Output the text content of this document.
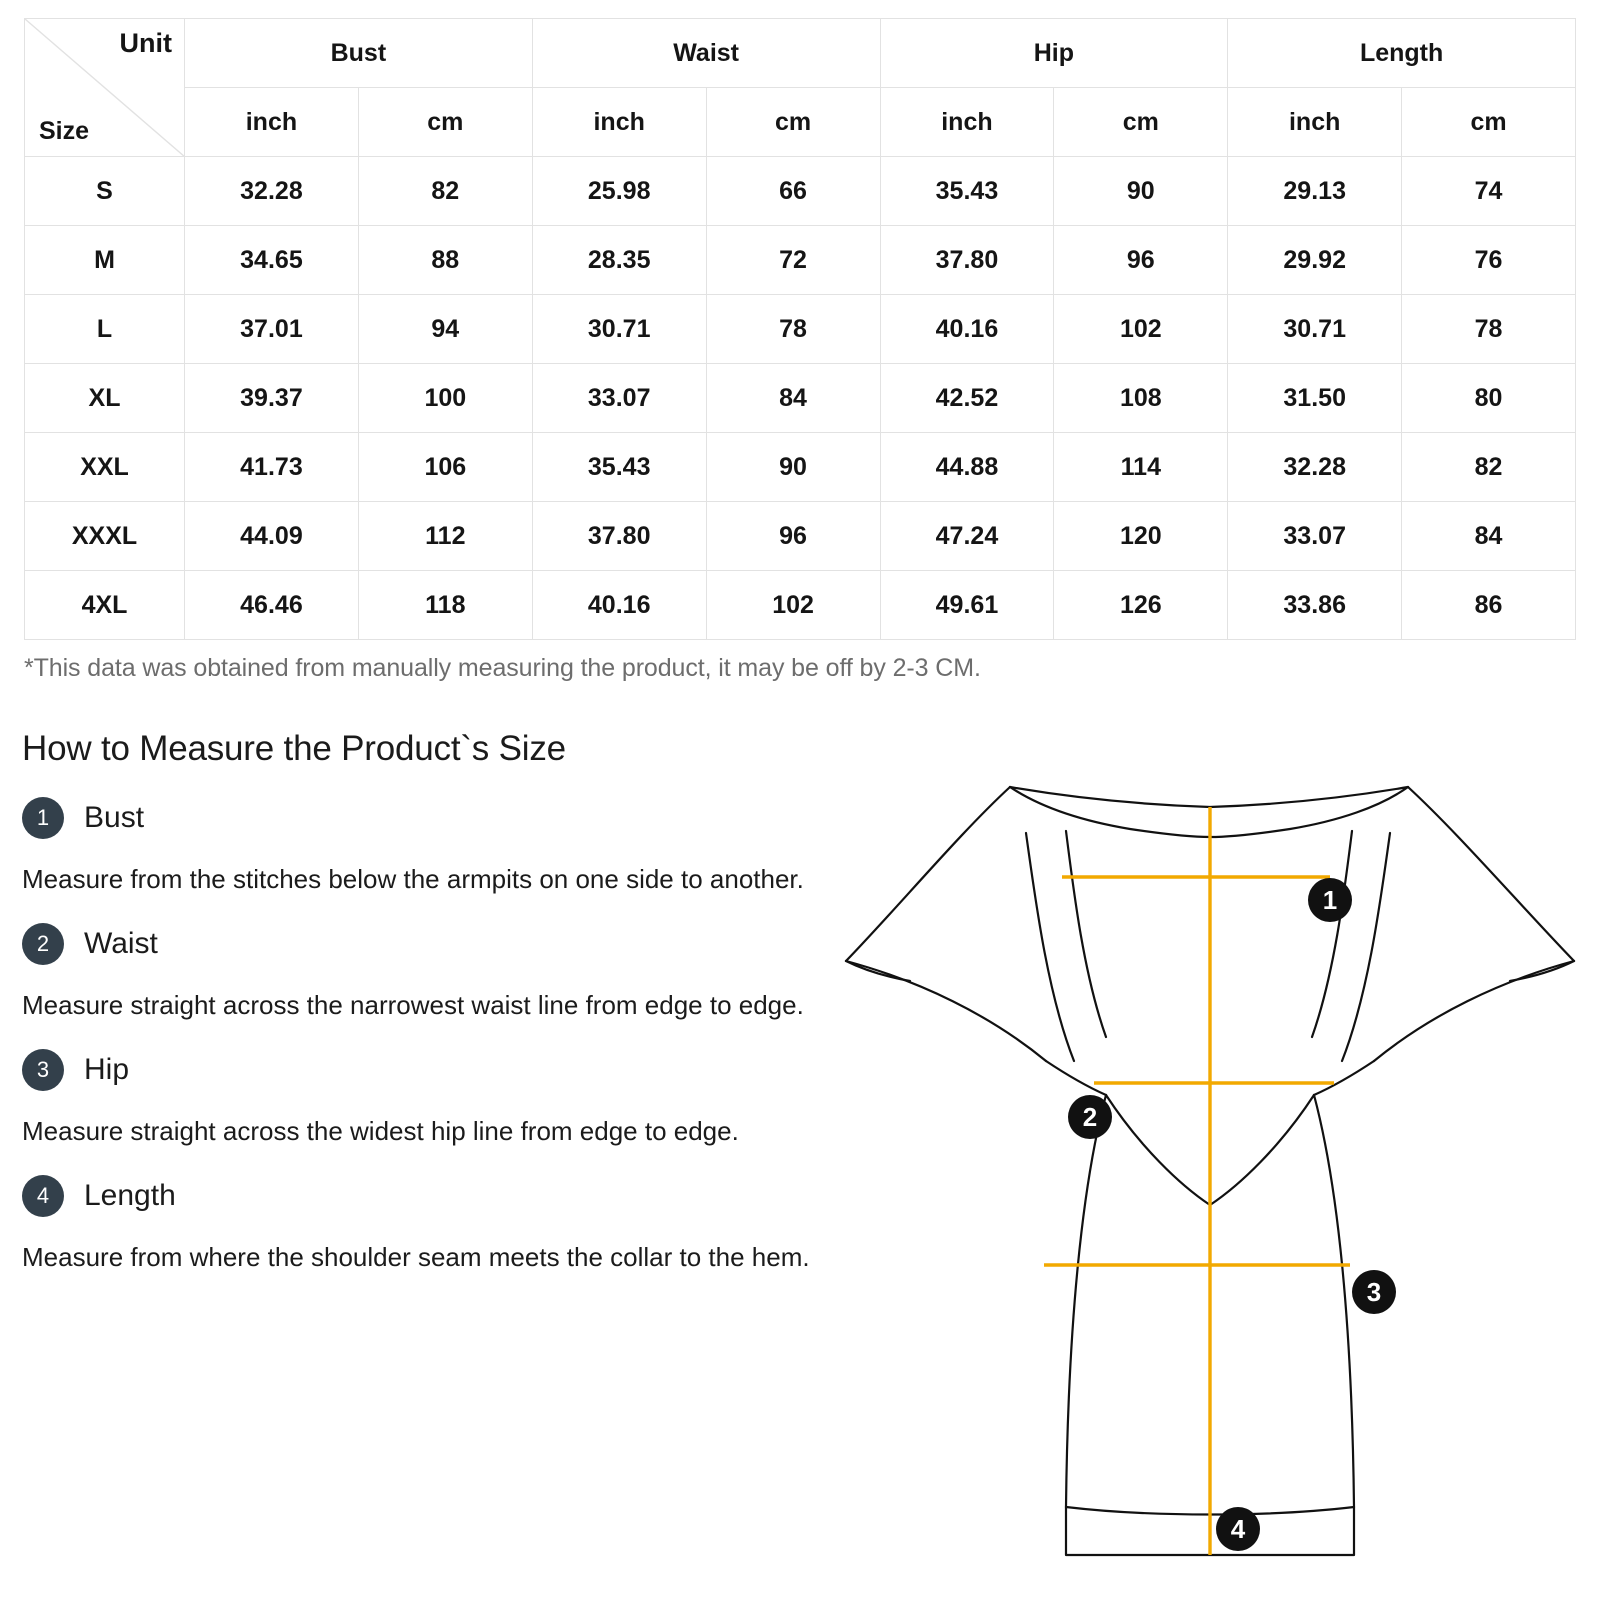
Unit
Size	Bust		Waist		Hip		Length	
	inch	cm	inch	cm	inch	cm	inch	cm
S	32.28	82	25.98	66	35.43	90	29.13	74
M	34.65	88	28.35	72	37.80	96	29.92	76
L	37.01	94	30.71	78	40.16	102	30.71	78
XL	39.37	100	33.07	84	42.52	108	31.50	80
XXL	41.73	106	35.43	90	44.88	114	32.28	82
XXXL	44.09	112	37.80	96	47.24	120	33.07	84
4XL	46.46	118	40.16	102	49.61	126	33.86	86
*This data was obtained from manually measuring the product, it may be off by 2-3 CM.
How to Measure the Product`s Size
1	Bust

Measure from the stitches below the armpits on one side to another.

2	Waist

Measure straight across the narrowest waist line from edge to edge.

3	Hip

Measure straight across the widest hip line from edge to edge.

4	Length

Measure from where the shoulder seam meets the collar to the hem.

1
2
3
4
